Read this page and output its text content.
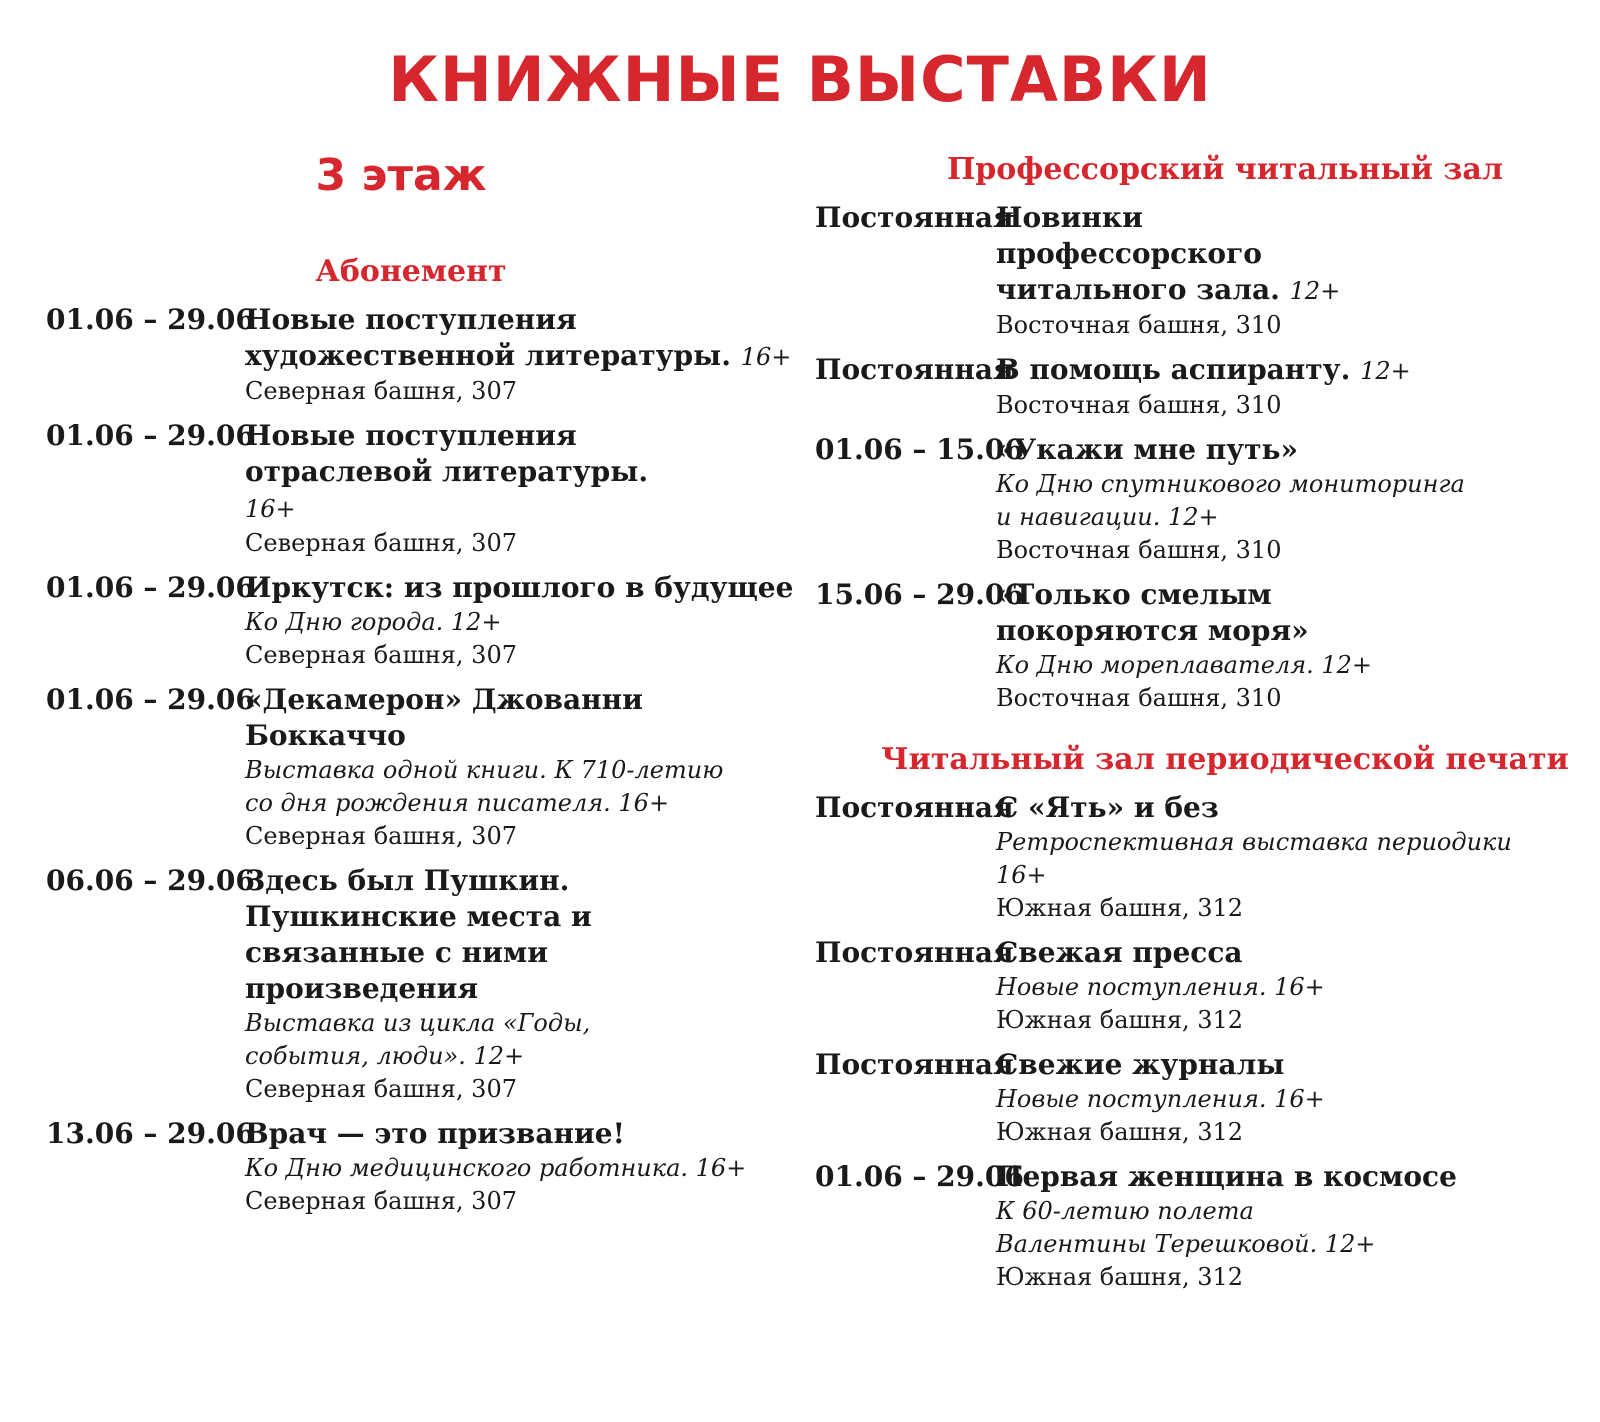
КНИЖНЫЕ ВЫСТАВКИ
3 этаж
Абонемент
01.06 – 29.06
Новые поступления художественной литературы. 16+
Северная башня, 307
01.06 – 29.06
Новые поступления отраслевой литературы. 16+
Северная башня, 307
01.06 – 29.06
Иркутск: из прошлого в будущее
Ко Дню города. 12+
Северная башня, 307
01.06 – 29.06
«Декамерон» Джованни Боккаччо
Выставка одной книги. К 710-летию со дня рождения писателя. 16+
Северная башня, 307
06.06 – 29.06
Здесь был Пушкин. Пушкинские места и связанные с ними произведения
Выставка из цикла «Годы, события, люди». 12+
Северная башня, 307
13.06 – 29.06
Врач — это призвание!
Ко Дню медицинского работника. 16+
Северная башня, 307
Профессорский читальный зал
Постоянная
Новинки профессорского читального зала. 12+
Восточная башня, 310
Постоянная
В помощь аспиранту. 12+
Восточная башня, 310
01.06 – 15.06
«Укажи мне путь»
Ко Дню спутникового мониторинга и навигации. 12+
Восточная башня, 310
15.06 – 29.06
«Только смелым покоряются моря»
Ко Дню мореплавателя. 12+
Восточная башня, 310
Читальный зал периодической печати
Постоянная
С «Ять» и без
Ретроспективная выставка периодики 16+
Южная башня, 312
Постоянная
Свежая пресса
Новые поступления. 16+
Южная башня, 312
Постоянная
Свежие журналы
Новые поступления. 16+
Южная башня, 312
01.06 – 29.06
Первая женщина в космосе
К 60-летию полета Валентины Терешковой. 12+
Южная башня, 312
